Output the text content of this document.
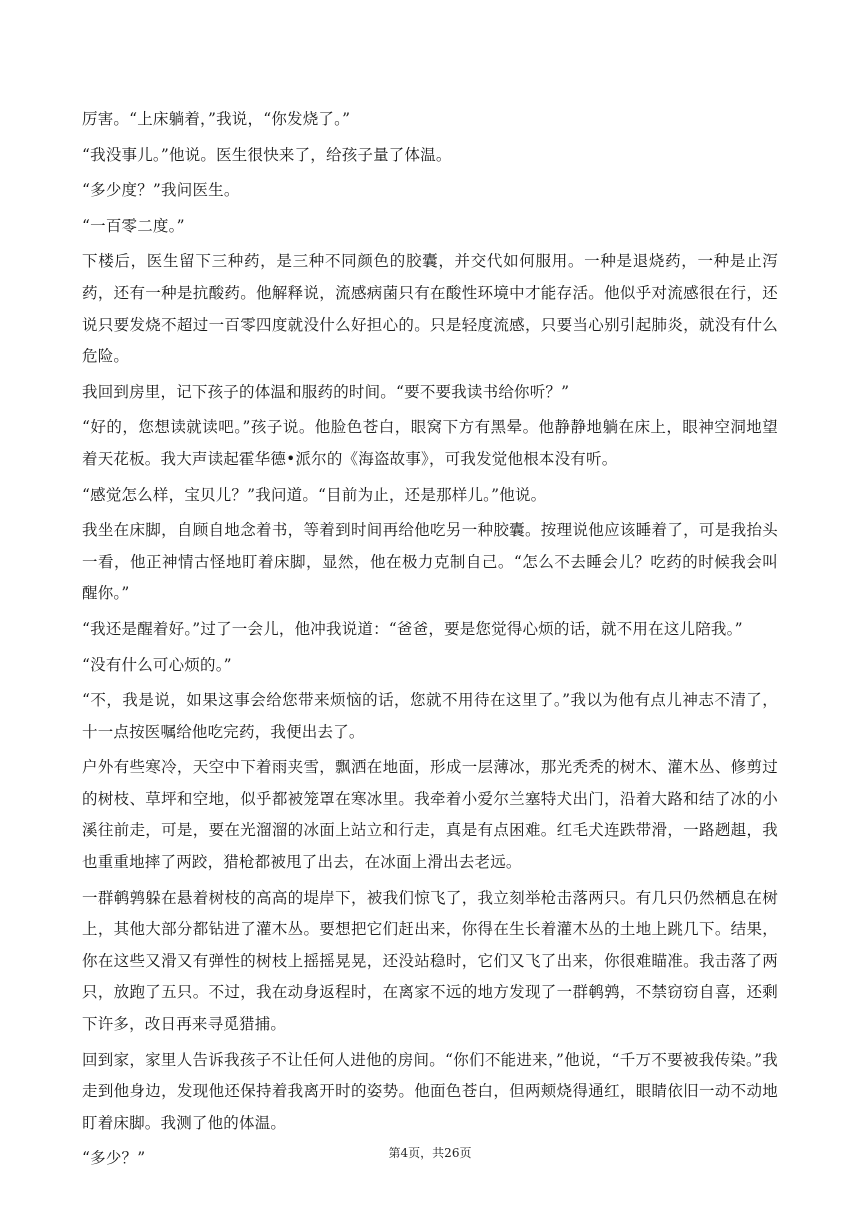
厉害。“上床躺着，”我说，“你发烧了。”

“我没事儿。”他说。医生很快来了，给孩子量了体温。

“多少度？”我问医生。

“一百零二度。”

下楼后，医生留下三种药，是三种不同颜色的胶囊，并交代如何服用。一种是退烧药，一种是止泻药，还有一种是抗酸药。他解释说，流感病菌只有在酸性环境中才能存活。他似乎对流感很在行，还说只要发烧不超过一百零四度就没什么好担心的。只是轻度流感，只要当心别引起肺炎，就没有什么危险。

我回到房里，记下孩子的体温和服药的时间。“要不要我读书给你听？”

“好的，您想读就读吧。”孩子说。他脸色苍白，眼窝下方有黑晕。他静静地躺在床上，眼神空洞地望着天花板。我大声读起霍华德•派尔的《海盗故事》，可我发觉他根本没有听。

“感觉怎么样，宝贝儿？”我问道。“目前为止，还是那样儿。”他说。

我坐在床脚，自顾自地念着书，等着到时间再给他吃另一种胶囊。按理说他应该睡着了，可是我抬头一看，他正神情古怪地盯着床脚，显然，他在极力克制自己。“怎么不去睡会儿？吃药的时候我会叫醒你。”

“我还是醒着好。”过了一会儿，他冲我说道：“爸爸，要是您觉得心烦的话，就不用在这儿陪我。”

“没有什么可心烦的。”

“不，我是说，如果这事会给您带来烦恼的话，您就不用待在这里了。”我以为他有点儿神志不清了，十一点按医嘱给他吃完药，我便出去了。

户外有些寒冷，天空中下着雨夹雪，飘洒在地面，形成一层薄冰，那光秃秃的树木、灌木丛、修剪过的树枝、草坪和空地，似乎都被笼罩在寒冰里。我牵着小爱尔兰塞特犬出门，沿着大路和结了冰的小溪往前走，可是，要在光溜溜的冰面上站立和行走，真是有点困难。红毛犬连跌带滑，一路趔趄，我也重重地摔了两跤，猎枪都被甩了出去，在冰面上滑出去老远。

一群鹌鹑躲在悬着树枝的高高的堤岸下，被我们惊飞了，我立刻举枪击落两只。有几只仍然栖息在树上，其他大部分都钻进了灌木丛。要想把它们赶出来，你得在生长着灌木丛的土地上跳几下。结果，你在这些又滑又有弹性的树枝上摇摇晃晃，还没站稳时，它们又飞了出来，你很难瞄准。我击落了两只，放跑了五只。不过，我在动身返程时，在离家不远的地方发现了一群鹌鹑，不禁窃窃自喜，还剩下许多，改日再来寻觅猎捕。

回到家，家里人告诉我孩子不让任何人进他的房间。“你们不能进来，”他说，“千万不要被我传染。”我走到他身边，发现他还保持着我离开时的姿势。他面色苍白，但两颊烧得通红，眼睛依旧一动不动地盯着床脚。我测了他的体温。

“多少？”	第4页，共26页
